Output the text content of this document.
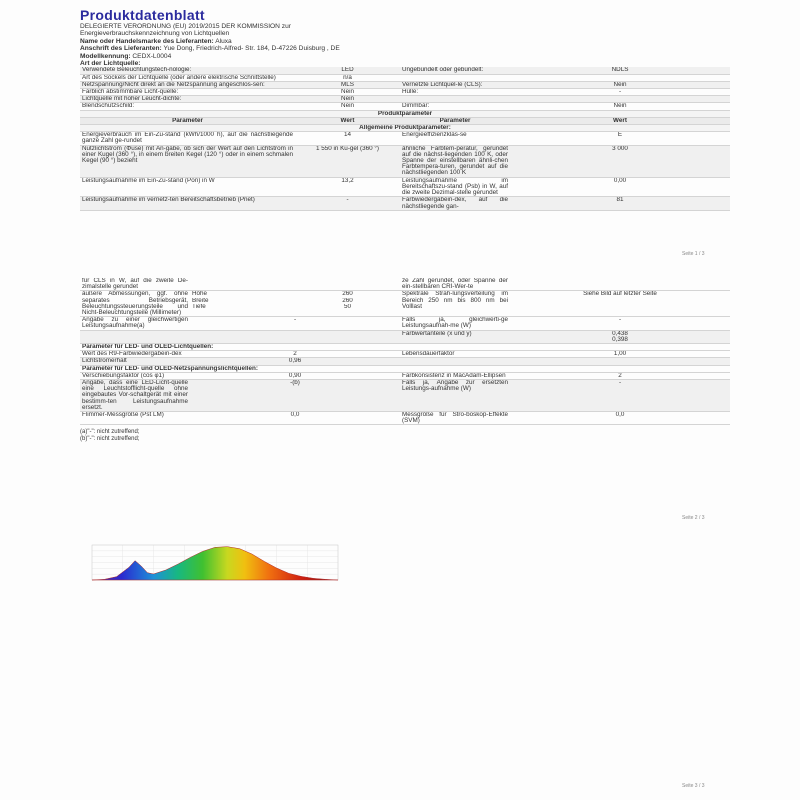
Produktdatenblatt
DELEGIERTE VERORDNUNG (EU) 2019/2015 DER KOMMISSION zur
Energieverbrauchskennzeichnung von Lichtquellen
Name oder Handelsmarke des Lieferanten: Aluxa
Anschrift des Lieferanten: Yue Dong, Friedrich-Alfred- Str. 184, D-47226 Duisburg , DE
Modellkennung: CEDX-L0004
Art der Lichtquelle:
Verwendete Beleuchtungstech-nologie:	LED	Ungebündelt oder gebündelt:	NDLS
Art des Sockels der Lichtquelle (oder andere elektrische Schnittstelle)	n/a		
Netzspannung/Nicht direkt an die Netzspannung angeschlos-sen:	MLS	Vernetzte Lichtquel-le (CLS):	Nein
Farblich abstimmbare Licht-quelle:	Nein	Hülle:	-
Lichtquelle mit hoher Leucht-dichte:	Nein		
Blendschutzschild:	Nein	Dimmbar:	Nein
Produktparameter			
Parameter	Wert	Parameter	Wert
Allgemeine Produktparameter:			
Energieverbrauch im Ein-Zu-stand (kWh/1000 h), auf die nächstliegende ganze Zahl ge-rundet	14	Energieeffizienzklas-se	E
Nutzlichtstrom (Φuse) mit An-gabe, ob sich der Wert auf den Lichtstrom in einer Kugel (360 °), in einem breiten Kegel (120 °) oder in einem schmalen Kegel (90 °) bezieht	1 550 in Ku-gel (360 °)	ähnliche Farbtem-peratur, gerundet auf die nächst-liegenden 100 K, oder Spanne der einstellbaren ähnli-chen Farbtempera-turen, gerundet auf die nächstliegenden 100 K	3 000
Leistungsaufnahme im Ein-Zu-stand (Pon) in W	13,2	Leistungsaufnahme im Bereitschaftszu-stand (Psb) in W, auf die zweite Dezimal-stelle gerundet	0,00
Leistungsaufnahme im vernetz-ten Bereitschaftsbetrieb (Pnet)	-	Farbwiedergabein-dex, auf die nächstliegende gan-	81
Seite 1 / 3
für CLS in W, auf die zweite De-zimalstelle gerundet		ze Zahl gerundet, oder Spanne der ein-stellbaren CRI-Wer-te	
äußere Abmessungen, ggf. ohne separates Betriebsgerät, Beleuchtungssteuerungsteile und Nicht-Beleuchtungsteile (Millimeter)	
Höhe	260
Breite	260
Tiefe	50
	Spektrale Strah-lungsverteilung im Bereich 250 nm bis 800 nm bei Volllast	Siehe Bild auf letzter Seite
Angabe zu einer gleichwertigen Leistungsaufnahme(a)	-	Falls ja, gleichwerti-ge Leistungsaufnah-me (W)	-
		Farbwertanteile (x und y)	0,438
0,398
Parameter für LED- und OLED-Lichtquellen:
Wert des R9-Farbwiedergabein-dex	2	Lebensdauerfaktor	1,00
Lichtstromerhalt	0,96		
Parameter für LED- und OLED-Netzspannungslichtquellen:
Verschiebungsfaktor (cos φ1)	0,90	Farbkonsistenz in MacAdam-Ellipsen	2
Angabe, dass eine LED-Licht-quelle eine Leuchtstofflicht-quelle ohne eingebautes Vor-schaltgerät mit einer bestimm-ten Leistungsaufnahme ersetzt.	-(b)	Falls ja, Angabe zur ersetzten Leistungs-aufnahme (W)	-
Flimmer-Messgröße (Pst LM)	0,0	Messgröße für Stro-boskop-Effekte (SVM)	0,0
(a)"-": nicht zutreffend;
(b)"-": nicht zutreffend;
Seite 2 / 3
Seite 3 / 3
